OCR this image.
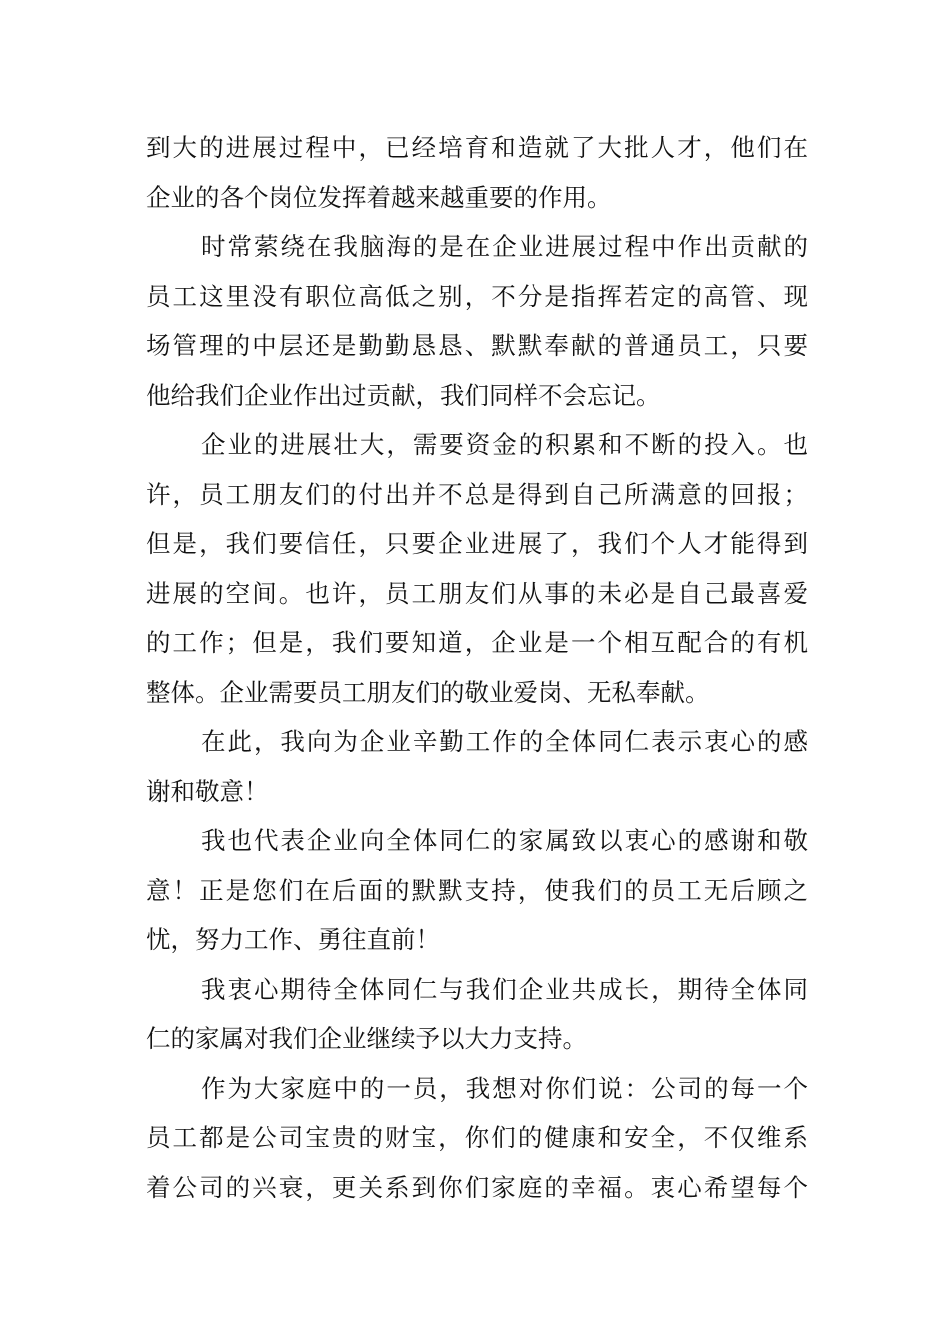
到大的进展过程中，已经培育和造就了大批人才，他们在
企业的各个岗位发挥着越来越重要的作用。
时常萦绕在我脑海的是在企业进展过程中作出贡献的
员工这里没有职位高低之别，不分是指挥若定的高管、现
场管理的中层还是勤勤恳恳、默默奉献的普通员工，只要
他给我们企业作出过贡献，我们同样不会忘记。
企业的进展壮大，需要资金的积累和不断的投入。也
许，员工朋友们的付出并不总是得到自己所满意的回报；
但是，我们要信任，只要企业进展了，我们个人才能得到
进展的空间。也许，员工朋友们从事的未必是自己最喜爱
的工作；但是，我们要知道，企业是一个相互配合的有机
整体。企业需要员工朋友们的敬业爱岗、无私奉献。
在此，我向为企业辛勤工作的全体同仁表示衷心的感
谢和敬意！
我也代表企业向全体同仁的家属致以衷心的感谢和敬
意！正是您们在后面的默默支持，使我们的员工无后顾之
忧，努力工作、勇往直前！
我衷心期待全体同仁与我们企业共成长，期待全体同
仁的家属对我们企业继续予以大力支持。
作为大家庭中的一员，我想对你们说：公司的每一个
员工都是公司宝贵的财宝，你们的健康和安全，不仅维系
着公司的兴衰，更关系到你们家庭的幸福。衷心希望每个
